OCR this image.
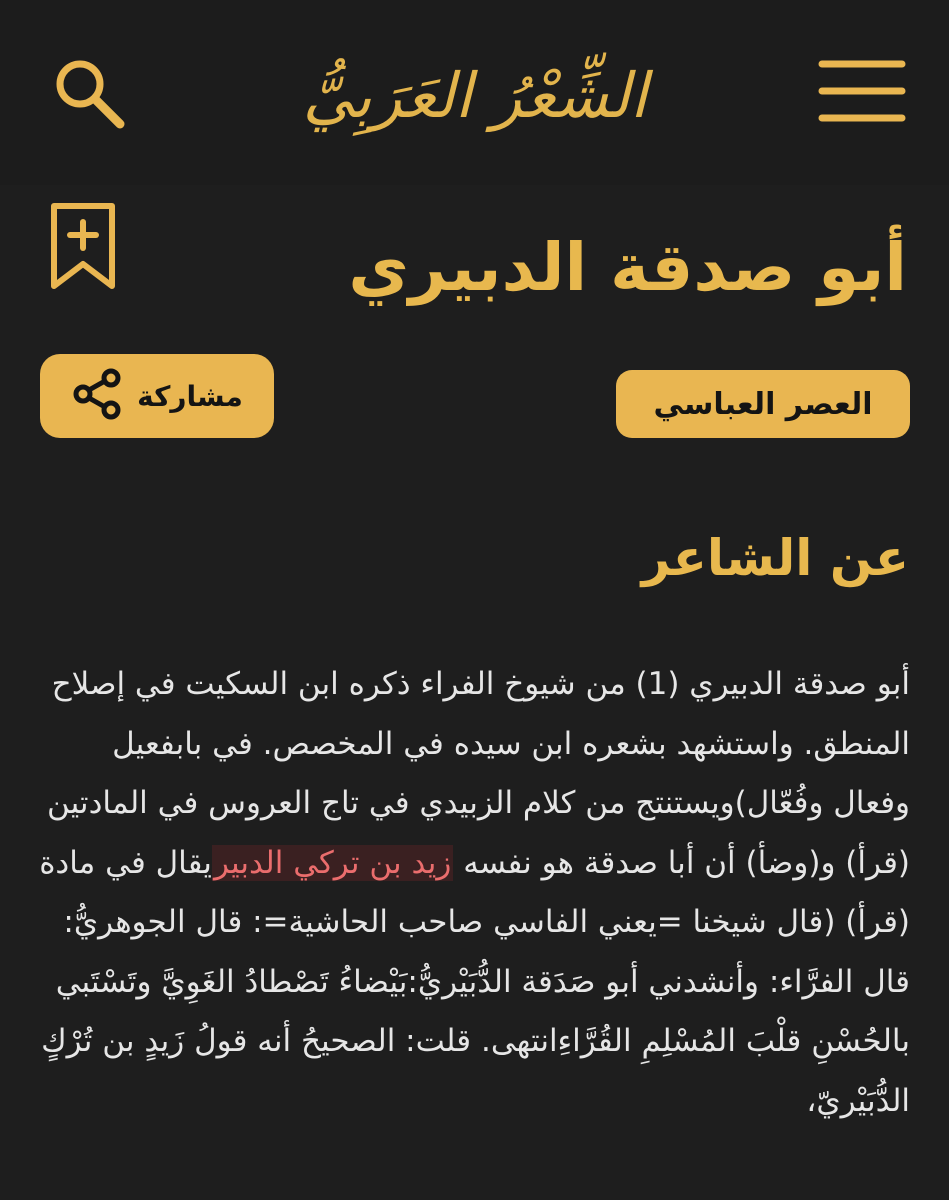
الشِّعْرُ العَرَبِيُّ
أبو صدقة الدبيري
العصر العباسي
مشاركة
عن الشاعر
أبو صدقة الدبيري (1) من شيوخ الفراء ذكره ابن السكيت في إصلاح المنطق. واستشهد بشعره ابن سيده في المخصص. في بابفعيل وفعال وفُعّال)ويستنتج من كلام الزبيدي في تاج العروس في المادتين (قرأ) و(وضأ) أن أبا صدقة هو نفسه زيد بن تركي الدبيريقال في مادة (قرأ) (قال شيخنا =يعني الفاسي صاحب الحاشية=: قال الجوهريُّ: قال الفرَّاء: وأنشدني أبو صَدَقة الدُّبَيْريُّ:بَيْضاءُ تَصْطادُ الغَوِيَّ وتَسْتَبي بالحُسْنِ قلْبَ المُسْلِمِ القُرَّاءِانتهى. قلت: الصحيحُ أنه قولُ زَيدٍ بن تُرْكٍ الدُّبَيْريّ،
